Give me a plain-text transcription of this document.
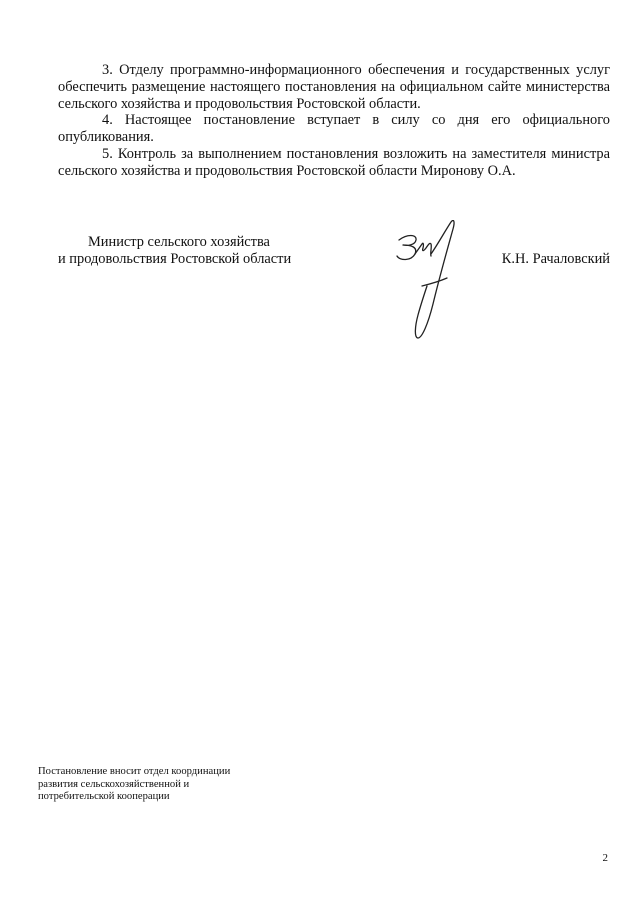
3. Отделу программно-информационного обеспечения и государственных услуг обеспечить размещение настоящего постановления на официальном сайте министерства сельского хозяйства и продовольствия Ростовской области.

4. Настоящее постановление вступает в силу со дня его официального опубликования.

5. Контроль за выполнением постановления возложить на заместителя министра сельского хозяйства и продовольствия Ростовской области Миронову О.А.

Министр сельского хозяйства
и продовольствия Ростовской области	К.Н. Рачаловский
Постановление вносит отдел координации
развития сельскохозяйственной и
потребительской кооперации
2
